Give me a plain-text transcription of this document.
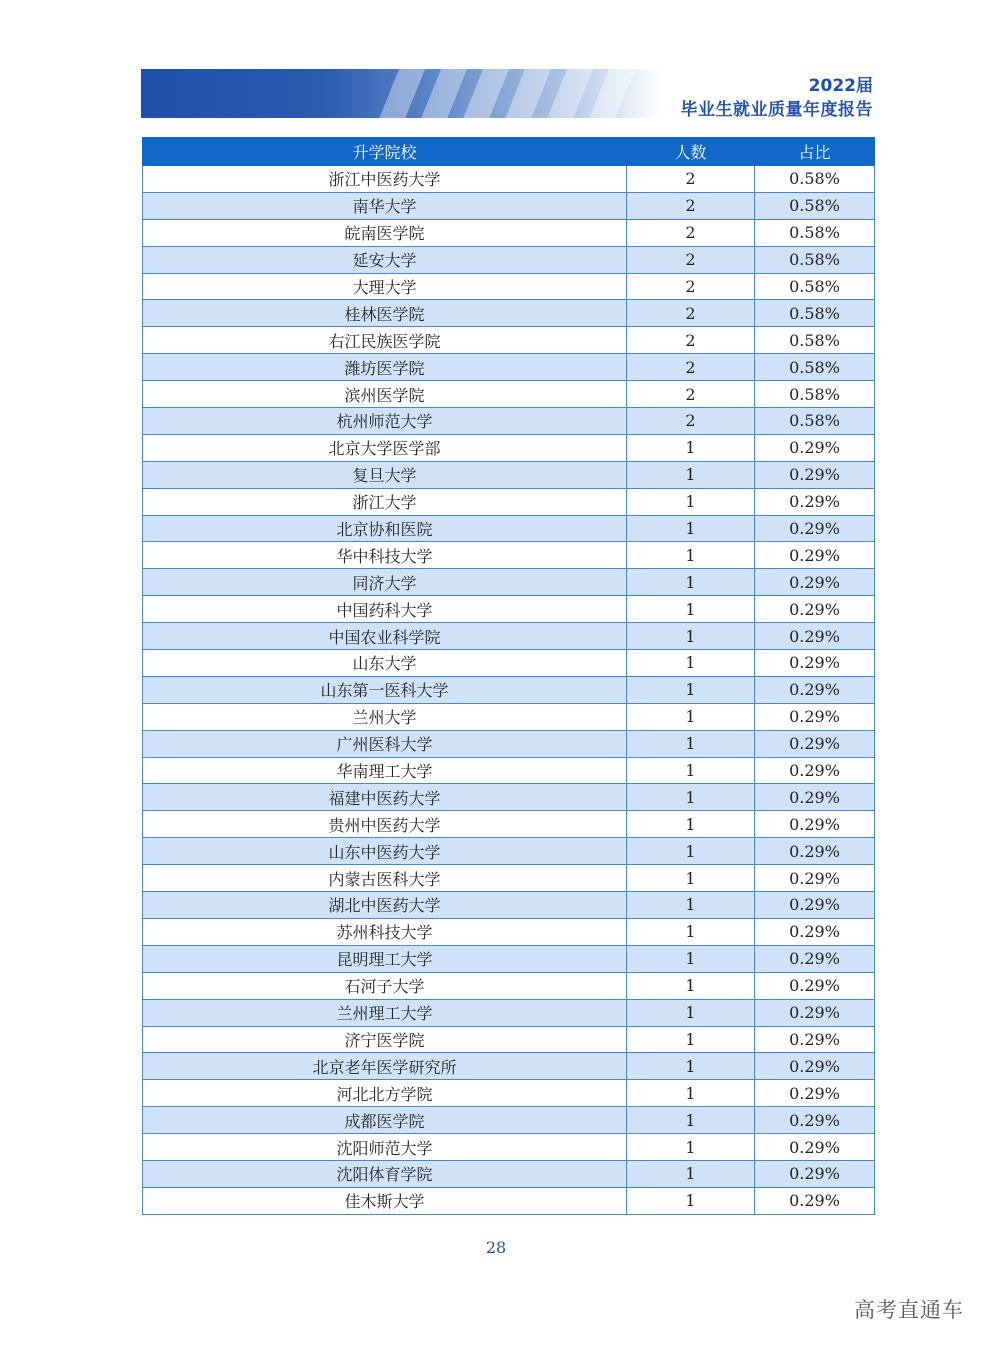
2022届
毕业生就业质量年度报告
升学院校	人数	占比
浙江中医药大学	2	0.58%
南华大学	2	0.58%
皖南医学院	2	0.58%
延安大学	2	0.58%
大理大学	2	0.58%
桂林医学院	2	0.58%
右江民族医学院	2	0.58%
潍坊医学院	2	0.58%
滨州医学院	2	0.58%
杭州师范大学	2	0.58%
北京大学医学部	1	0.29%
复旦大学	1	0.29%
浙江大学	1	0.29%
北京协和医院	1	0.29%
华中科技大学	1	0.29%
同济大学	1	0.29%
中国药科大学	1	0.29%
中国农业科学院	1	0.29%
山东大学	1	0.29%
山东第一医科大学	1	0.29%
兰州大学	1	0.29%
广州医科大学	1	0.29%
华南理工大学	1	0.29%
福建中医药大学	1	0.29%
贵州中医药大学	1	0.29%
山东中医药大学	1	0.29%
内蒙古医科大学	1	0.29%
湖北中医药大学	1	0.29%
苏州科技大学	1	0.29%
昆明理工大学	1	0.29%
石河子大学	1	0.29%
兰州理工大学	1	0.29%
济宁医学院	1	0.29%
北京老年医学研究所	1	0.29%
河北北方学院	1	0.29%
成都医学院	1	0.29%
沈阳师范大学	1	0.29%
沈阳体育学院	1	0.29%
佳木斯大学	1	0.29%
28
高考直通车
